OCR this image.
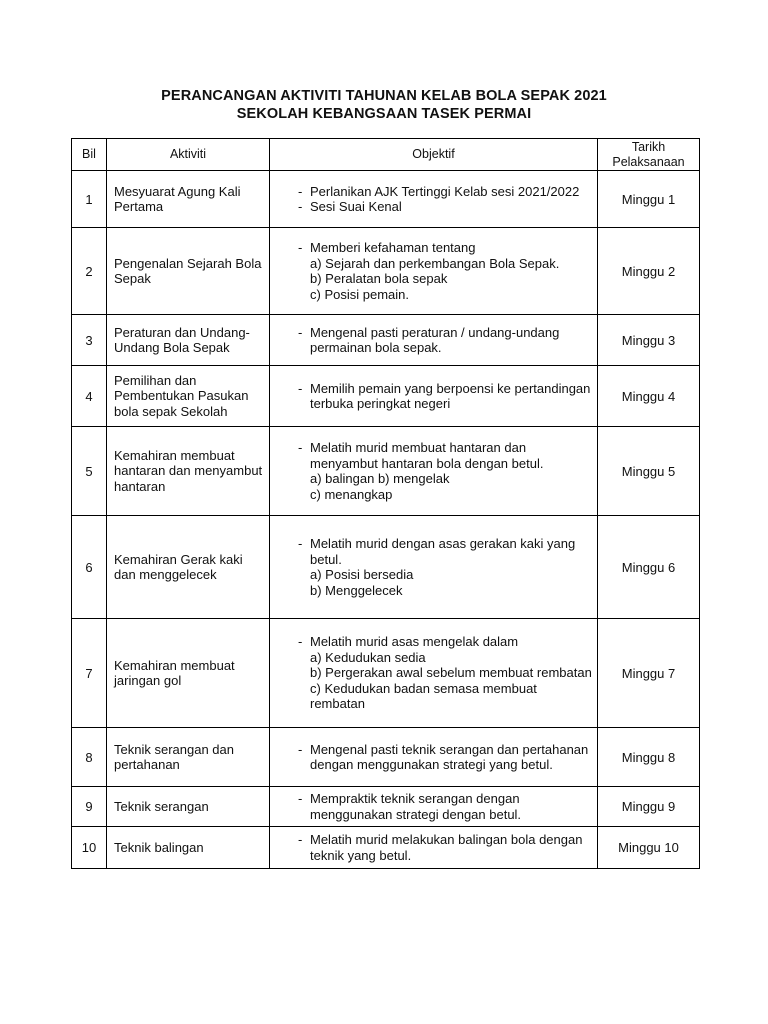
PERANCANGAN AKTIVITI TAHUNAN KELAB BOLA SEPAK 2021
SEKOLAH KEBANGSAAN TASEK PERMAI
Bil	Aktiviti	Objektif	Tarikh
Pelaksanaan
1	Mesyuarat Agung Kali Pertama	- Perlanikan AJK Tertinggi Kelab sesi 2021/2022
- Sesi Suai Kenal	Minggu 1
2	Pengenalan Sejarah Bola Sepak	- Memberi kefahaman tentang
a) Sejarah dan perkembangan Bola Sepak.
b) Peralatan bola sepak
c) Posisi pemain.	Minggu 2
3	Peraturan dan Undang-Undang Bola Sepak	- Mengenal pasti peraturan / undang-undang permainan bola sepak.	Minggu 3
4	Pemilihan dan Pembentukan Pasukan bola sepak Sekolah	- Memilih pemain yang berpoensi ke pertandingan terbuka peringkat negeri	Minggu 4
5	Kemahiran membuat hantaran dan menyambut hantaran	- Melatih murid membuat hantaran dan menyambut hantaran bola dengan betul.
a) balingan b) mengelak
c) menangkap	Minggu 5
6	Kemahiran Gerak kaki dan menggelecek	- Melatih murid dengan asas gerakan kaki yang betul.
a) Posisi bersedia
b) Menggelecek	Minggu 6
7	Kemahiran membuat jaringan gol	- Melatih murid asas mengelak dalam
a) Kedudukan sedia
b) Pergerakan awal sebelum membuat rembatan
c) Kedudukan badan semasa membuat rembatan	Minggu 7
8	Teknik serangan dan pertahanan	- Mengenal pasti teknik serangan dan pertahanan dengan menggunakan strategi yang betul.	Minggu 8
9	Teknik serangan	- Mempraktik teknik serangan dengan menggunakan strategi dengan betul.	Minggu 9
10	Teknik balingan	- Melatih murid melakukan balingan bola dengan teknik yang betul.	Minggu 10
